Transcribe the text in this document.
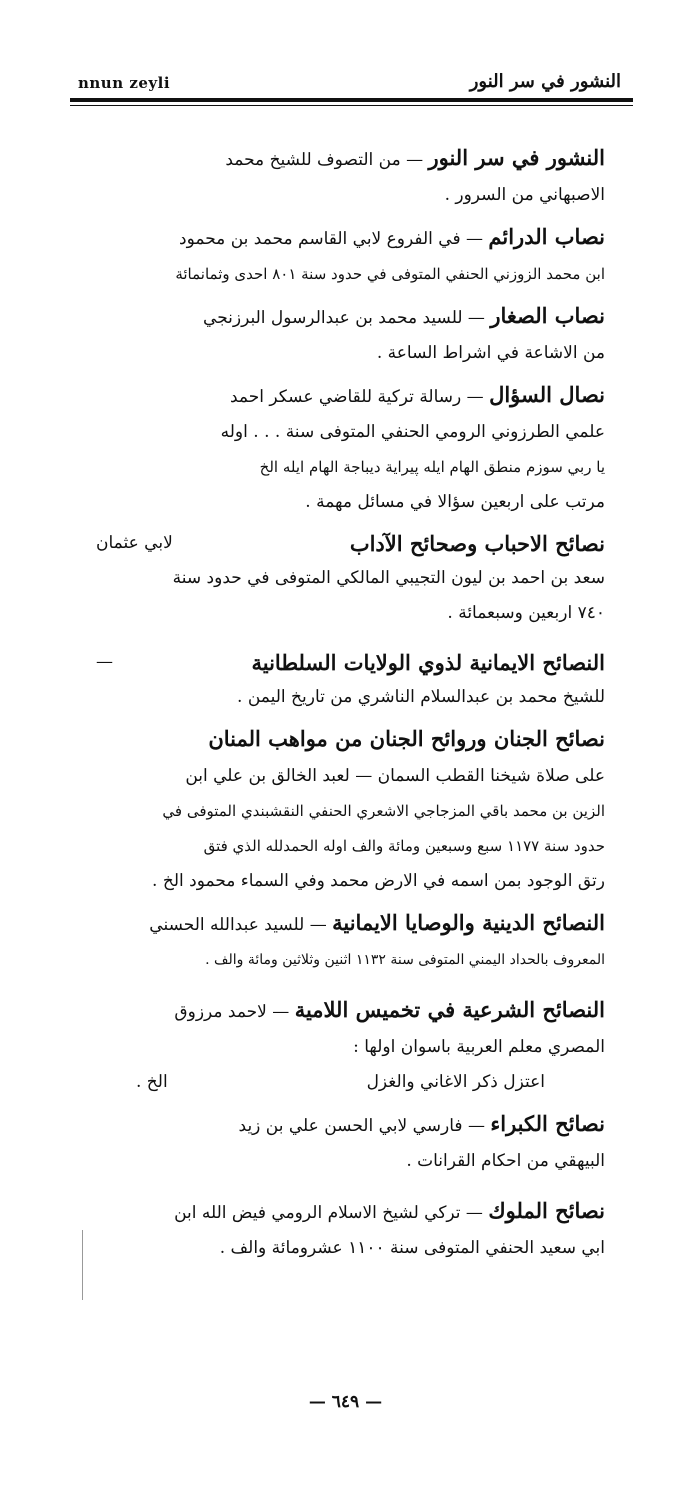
nnun zeyli	النشور في سر النور

النشور في سر النور — من التصوف للشيخ محمد

الاصبهاني من السرور .

نصاب الدرائم — في الفروع لابي القاسم محمد بن محمود

ابن محمد الزوزني الحنفي المتوفى في حدود سنة ٨٠١ احدى وثمانمائة

نصاب الصغار — للسيد محمد بن عبدالرسول البرزنجي

من الاشاعة في اشراط الساعة .

نصال السؤال — رسالة تركية للقاضي عسكر احمد

علمي الطرزوني الرومي الحنفي المتوفى سنة . . . اوله

يا ربي سوزم منطق الهام ايله پيراية ديباجة الهام ايله الخ

مرتب على اربعين سؤالا في مسائل مهمة .

نصائح الاحباب وصحائح الآداب
لابي عثمان

سعد بن احمد بن ليون التجيبي المالكي المتوفى في حدود سنة

٧٤٠ اربعين وسبعمائة .

النصائح الايمانية لذوي الولايات السلطانية
—

للشيخ محمد بن عبدالسلام الناشري من تاريخ اليمن .

نصائح الجنان وروائح الجنان من مواهب المنان

على صلاة شيخنا القطب السمان — لعبد الخالق بن علي ابن

الزين بن محمد باقي المزجاجي الاشعري الحنفي النقشبندي المتوفى في

حدود سنة ١١٧٧ سبع وسبعين ومائة والف اوله الحمدلله الذي فتق

رتق الوجود بمن اسمه في الارض محمد وفي السماء محمود الخ .

النصائح الدينية والوصايا الايمانية — للسيد عبدالله الحسني

المعروف بالحداد اليمني المتوفى سنة ١١٣٢ اثنين وثلاثين ومائة والف .

النصائح الشرعية في تخميس اللامية — لاحمد مرزوق

المصري معلم العربية باسوان اولها :

اعتزل ذكر الاغاني والغزل
الخ .

نصائح الكبراء — فارسي لابي الحسن علي بن زيد

البيهقي من احكام القرانات .

نصائح الملوك — تركي لشيخ الاسلام الرومي فيض الله ابن

ابي سعيد الحنفي المتوفى سنة ١١٠٠ عشرومائة والف .

— ٦٤٩ —
